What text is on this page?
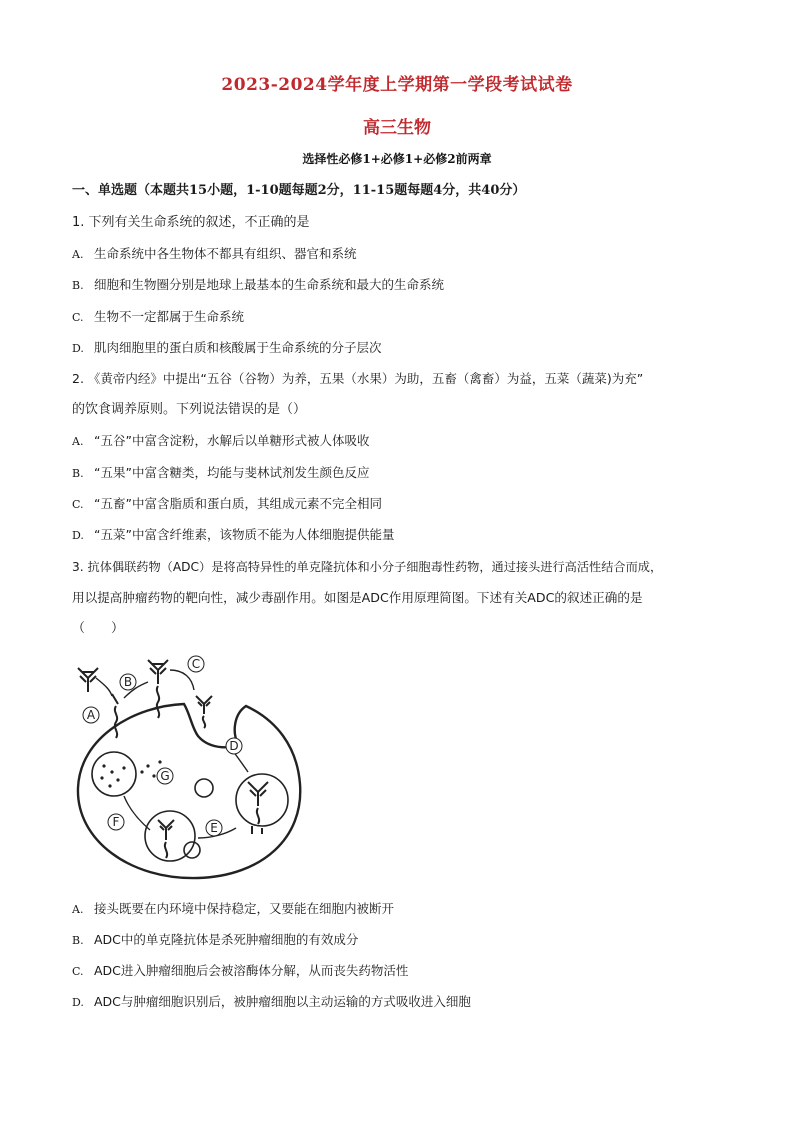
2023-2024学年度上学期第一学段考试试卷
高三生物
选择性必修1+必修1+必修2前两章
一、单选题（本题共15小题，1-10题每题2分，11-15题每题4分，共40分）
1. 下列有关生命系统的叙述，不正确的是
A. 生命系统中各生物体不都具有组织、器官和系统
B. 细胞和生物圈分别是地球上最基本的生命系统和最大的生命系统
C. 生物不一定都属于生命系统
D. 肌肉细胞里的蛋白质和核酸属于生命系统的分子层次
2. 《黄帝内经》中提出“五谷（谷物）为养，五果（水果）为助，五畜（禽畜）为益，五菜（蔬菜)为充”
的饮食调养原则。下列说法错误的是（）
A. “五谷”中富含淀粉，水解后以单糖形式被人体吸收
B. “五果”中富含糖类，均能与斐林试剂发生颜色反应
C. “五畜”中富含脂质和蛋白质，其组成元素不完全相同
D. “五菜”中富含纤维素，该物质不能为人体细胞提供能量
3. 抗体偶联药物（ADC）是将高特异性的单克隆抗体和小分子细胞毒性药物，通过接头进行高活性结合而成，
用以提高肿瘤药物的靶向性，减少毒副作用。如图是ADC作用原理简图。下述有关ADC的叙述正确的是
（　　）
A
B
C
D
E
F
G
A. 接头既要在内环境中保持稳定，又要能在细胞内被断开
B. ADC中的单克隆抗体是杀死肿瘤细胞的有效成分
C. ADC进入肿瘤细胞后会被溶酶体分解，从而丧失药物活性
D. ADC与肿瘤细胞识别后，被肿瘤细胞以主动运输的方式吸收进入细胞
